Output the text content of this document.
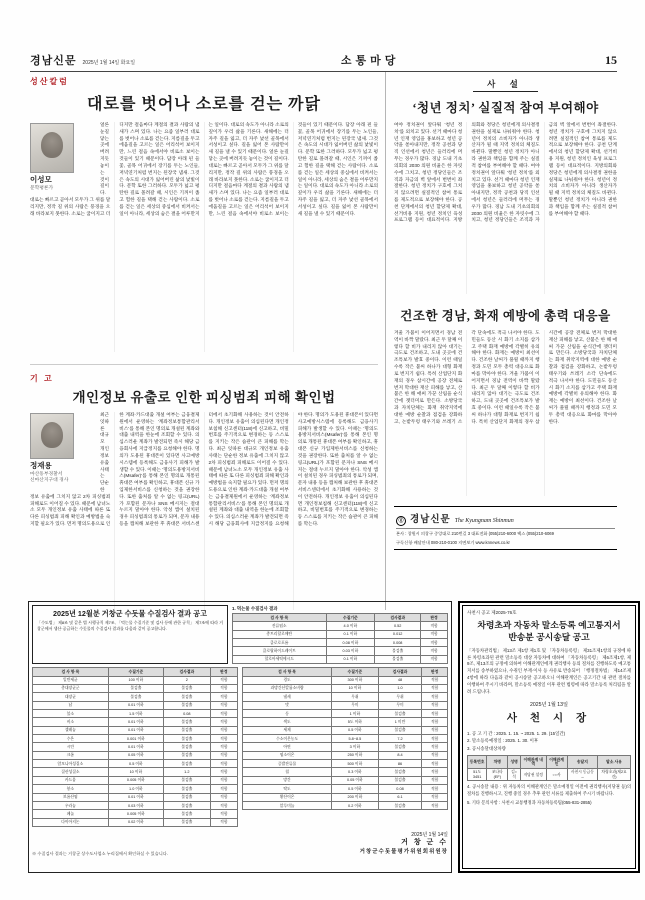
경남신문 2025년 1월 14일 화요일	소통마당	15
성산칼럼
대로를 벗어나 소로를 걷는 까닭
이성모
문학평론가
얼른 눈길 닿는 곳에 버려지듯 놓이는 것이 길이다. 대로는 빠르고 곧아서 모두가 그 위를 달리지만, 정작 길 위의 사람은 풍경을 오래 바라보지 못한다. 소로는 굽이지고 더디지만 걸음마다 계절의 결과 사람의 냄새가 스며 있다. 나는 요즘 일부러 대로를 벗어나 소로를 걷는다. 지름길을 두고 에움길을 고르는 일은 어리석어 보이지만, 느린 걸음 속에서야 비로소 보이는 것들이 있기 때문이다. 담장 아래 핀 들꽃, 골목 어귀에서 장기를 두는 노인들, 저녁연기처럼 번지는 된장국 냄새. 그것은 속도의 시대가 잃어버린 삶의 낯빛이다. 문학 또한 그러하다. 모두가 넓고 평탄한 길로 몰려갈 때, 시인은 기꺼이 좁고 험한 길을 택해 걷는 사람이다. 소로를 걷는 일은 세상의 중심에서 비켜서는 일이 아니라, 세상의 숨은 결을 어루만지는 일이다. 대로의 속도가 아니라 소로의 깊이가 우리 삶을 기른다. 새해에는 더 자주 길을 잃고, 더 자주 낯선 골목에서 서성이고 싶다. 길을 잃어 본 사람만이 새 길을 낼 수 있기 때문이다. 얼른 눈길 닿는 곳에 버려지듯 놓이는 것이 길이다. 대로는 빠르고 곧아서 모두가 그 위를 달리지만, 정작 길 위의 사람은 풍경을 오래 바라보지 못한다. 소로는 굽이지고 더디지만 걸음마다 계절의 결과 사람의 냄새가 스며 있다. 나는 요즘 일부러 대로를 벗어나 소로를 걷는다. 지름길을 두고 에움길을 고르는 일은 어리석어 보이지만, 느린 걸음 속에서야 비로소 보이는 것들이 있기 때문이다. 담장 아래 핀 들꽃, 골목 어귀에서 장기를 두는 노인들, 저녁연기처럼 번지는 된장국 냄새. 그것은 속도의 시대가 잃어버린 삶의 낯빛이다. 문학 또한 그러하다. 모두가 넓고 평탄한 길로 몰려갈 때, 시인은 기꺼이 좁고 험한 길을 택해 걷는 사람이다. 소로를 걷는 일은 세상의 중심에서 비켜서는 일이 아니라, 세상의 숨은 결을 어루만지는 일이다. 대로의 속도가 아니라 소로의 깊이가 우리 삶을 기른다. 새해에는 더 자주 길을 잃고, 더 자주 낯선 골목에서 서성이고 싶다. 길을 잃어 본 사람만이 새 길을 낼 수 있기 때문이다.
기 고
개인정보 유출로 인한 피싱범죄 피해 확인법
정재용
마산동부경찰서
신마산지구대 경사
최근 잇따른 대규모 개인정보 유출 사태는 단순한 정보 유출에 그치지 않고 2차 피싱범죄 피해로도 이어질 수 있다. 때문에 남녀노소 모두 개인정보 유출 사태에 따른 또 다른 피싱범죄 피해 확인과 예방법을 숙지할 필요가 있다. 먼저 명의도용으로 인한 계좌·카드대출 개설 여부는 금융결제원에서 운영하는 ‘계좌정보통합관리서비스’를 통해 본인 명의로 개설된 계좌와 대출 내역을 한눈에 조회할 수 있다. 의심스러운 계좌가 발견되면 즉시 해당 금융회사에 지급정지를 요청해야 한다. 명의가 도용된 휴대폰이 있다면 사고예방시스템에 등록해도 금융사기 피해가 발생할 수 있다. 이때는 ‘명의도용방지서비스(Msafer)’를 통해 본인 명의로 개통된 휴대폰 여부를 확인하고, 휴대폰 신규 가입제한서비스를 신청하는 것을 권장한다. 또한 출처를 알 수 없는 링크(URL)가 포함된 문자나 SNS 메시지는 절대 누르지 말아야 한다. 악성 앱이 설치된 경우 피싱범죄의 통로가 되며, 문자 내용 등을 캡처해 보관한 후 휴대폰 서비스센터에서 초기화해 사용하는 것이 안전하다. 개인정보 유출이 의심된다면 개인정보침해 신고센터(118)에 신고하고, 비밀번호를 주기적으로 변경하는 등 스스로를 지키는 작은 습관이 큰 피해를 막는다. 최근 잇따른 대규모 개인정보 유출 사태는 단순한 정보 유출에 그치지 않고 2차 피싱범죄 피해로도 이어질 수 있다. 때문에 남녀노소 모두 개인정보 유출 사태에 따른 또 다른 피싱범죄 피해 확인과 예방법을 숙지할 필요가 있다. 먼저 명의도용으로 인한 계좌·카드대출 개설 여부는 금융결제원에서 운영하는 ‘계좌정보통합관리서비스’를 통해 본인 명의로 개설된 계좌와 대출 내역을 한눈에 조회할 수 있다. 의심스러운 계좌가 발견되면 즉시 해당 금융회사에 지급정지를 요청해야 한다. 명의가 도용된 휴대폰이 있다면 사고예방시스템에 등록해도 금융사기 피해가 발생할 수 있다. 이때는 ‘명의도용방지서비스(Msafer)’를 통해 본인 명의로 개통된 휴대폰 여부를 확인하고, 휴대폰 신규 가입제한서비스를 신청하는 것을 권장한다. 또한 출처를 알 수 없는 링크(URL)가 포함된 문자나 SNS 메시지는 절대 누르지 말아야 한다. 악성 앱이 설치된 경우 피싱범죄의 통로가 되며, 문자 내용 등을 캡처해 보관한 후 휴대폰 서비스센터에서 초기화해 사용하는 것이 안전하다. 개인정보 유출이 의심된다면 개인정보침해 신고센터(118)에 신고하고, 비밀번호를 주기적으로 변경하는 등 스스로를 지키는 작은 습관이 큰 피해를 막는다.
사 설
‘청년 정치’ 실질적 참여 부여해야
여야 정치권이 앞다퉈 ‘청년 정치’를 외치고 있다. 선거 때마다 청년 인재 영입을 홍보하고 청년 공약을 쏟아내지만, 정작 공천과 당직 인선에서 청년은 들러리에 머무는 경우가 많다. 경남 도내 기초의회의 2030 의원 비율은 한 자릿수에 그치고, 청년 정당인들은 조직과 자금의 벽 앞에서 번번이 좌절한다. 청년 정치가 구호에 그치지 않으려면 실질적인 참여 통로를 제도적으로 보장해야 한다. 공천 단계에서의 청년 할당제 확대, 선거비용 지원, 청년 정치인 육성 프로그램 등이 대표적이다. 지방의회와 정당은 청년에게 의사결정 권한을 실제로 나눠줘야 한다. 청년이 정치의 소비자가 아니라 생산자가 될 때 지역 정치의 체질도 바뀐다. 말뿐인 청년 정치가 아니라 권한과 책임을 함께 주는 실질적 참여를 부여해야 할 때다. 여야 정치권이 앞다퉈 ‘청년 정치’를 외치고 있다. 선거 때마다 청년 인재 영입을 홍보하고 청년 공약을 쏟아내지만, 정작 공천과 당직 인선에서 청년은 들러리에 머무는 경우가 많다. 경남 도내 기초의회의 2030 의원 비율은 한 자릿수에 그치고, 청년 정당인들은 조직과 자금의 벽 앞에서 번번이 좌절한다. 청년 정치가 구호에 그치지 않으려면 실질적인 참여 통로를 제도적으로 보장해야 한다. 공천 단계에서의 청년 할당제 확대, 선거비용 지원, 청년 정치인 육성 프로그램 등이 대표적이다. 지방의회와 정당은 청년에게 의사결정 권한을 실제로 나눠줘야 한다. 청년이 정치의 소비자가 아니라 생산자가 될 때 지역 정치의 체질도 바뀐다. 말뿐인 청년 정치가 아니라 권한과 책임을 함께 주는 실질적 참여를 부여해야 할 때다.
건조한 경남, 화재 예방에 총력 대응을
겨울 가뭄이 이어지면서 경남 전역이 바짝 말랐다. 최근 두 달째 이렇다 할 비가 내리지 않아 대기는 극도로 건조하고, 도내 곳곳에 건조특보가 발효 중이다. 이런 때일수록 작은 불씨 하나가 대형 화재로 번지기 쉽다. 특히 산업단지 화재의 경우 삽시간에 공장 전체로 번져 막대한 재산 피해를 낳고, 산불은 한 해 애써 가꾼 산림을 순식간에 잿더미로 만든다. 소방당국과 자치단체는 화재 취약지역에 대한 예방 순찰과 점검을 강화하고, 논밭두렁 태우기와 쓰레기 소각 단속에도 적극 나서야 한다. 도민들도 등산 시 화기 소지를 삼가고 주택 화재 예방에 각별히 유의해야 한다. 화재는 예방이 최선이다. 건조한 날씨가 풀릴 때까지 행정과 도민 모두 총력 대응으로 화마를 막아야 한다. 겨울 가뭄이 이어지면서 경남 전역이 바짝 말랐다. 최근 두 달째 이렇다 할 비가 내리지 않아 대기는 극도로 건조하고, 도내 곳곳에 건조특보가 발효 중이다. 이런 때일수록 작은 불씨 하나가 대형 화재로 번지기 쉽다. 특히 산업단지 화재의 경우 삽시간에 공장 전체로 번져 막대한 재산 피해를 낳고, 산불은 한 해 애써 가꾼 산림을 순식간에 잿더미로 만든다. 소방당국과 자치단체는 화재 취약지역에 대한 예방 순찰과 점검을 강화하고, 논밭두렁 태우기와 쓰레기 소각 단속에도 적극 나서야 한다. 도민들도 등산 시 화기 소지를 삼가고 주택 화재 예방에 각별히 유의해야 한다. 화재는 예방이 최선이다. 건조한 날씨가 풀릴 때까지 행정과 도민 모두 총력 대응으로 화마를 막아야 한다.
ⓖ 경남신문 The Kyungnam Shinmun
본사 : 창원시 의창구 중앙대로 210번길 3 대표전화 (055)210-6000 팩스 (055)210-6069
구독신청·배달안내 080-210-0100 지면보기 www.knnews.co.kr
2025년 12월분 거창군 수돗물 수질검사 결과 공고
「수도법」 제8조 및 같은 법 시행규칙 제7조, 「먹는물 수질기준 및 검사 등에 관한 규칙」 제7조에 따라 거창군에서 생산·공급하는 수돗물의 수질검사 결과를 다음과 같이 공고합니다.
1. 먹는물 수질검사 결과
검 사 항 목	수질기준	검사결과	판정
잔류염소	4.0 이하	0.52	적합
총트리할로메탄	0.1 이하	0.012	적합
클로로포름	0.08 이하	0.008	적합
클로랄하이드레이트	0.03 이하	불검출	적합
할로아세틱에시드	0.1 이하	불검출	적합
검 사 항 목	수질기준	검사결과	판정
일반세균	100 이하	2	적합
총대장균군	불검출	불검출	적합
대장균	불검출	불검출	적합
납	0.01 이하	불검출	적합
불소	1.5 이하	0.08	적합
비소	0.01 이하	불검출	적합
셀레늄	0.01 이하	불검출	적합
수은	0.001 이하	불검출	적합
시안	0.01 이하	불검출	적합
크롬	0.05 이하	불검출	적합
암모니아성질소	0.5 이하	불검출	적합
질산성질소	10 이하	1.2	적합
카드뮴	0.005 이하	불검출	적합
붕소	1.0 이하	불검출	적합
브롬산염	0.01 이하	불검출	적합
우라늄	0.03 이하	불검출	적합
페놀	0.005 이하	불검출	적합
다이아지논	0.02 이하	불검출	적합
검 사 항 목	수질기준	검사결과	판정
경도	300 이하	48	적합
과망간산칼륨소비량	10 이하	1.0	적합
냄새	무취	무취	적합
맛	무미	무미	적합
동	1 이하	불검출	적합
색도	5도 이하	1 미만	적합
세제	0.5 이하	불검출	적합
수소이온농도	5.8~8.5	7.2	적합
아연	3 이하	불검출	적합
염소이온	250 이하	8.4	적합
증발잔류물	500 이하	86	적합
철	0.3 이하	불검출	적합
망간	0.05 이하	불검출	적합
탁도	0.5 이하	0.08	적합
황산이온	200 이하	6.1	적합
알루미늄	0.2 이하	불검출	적합
※ 수질검사 결과는 거창군 상수도사업소 누리집에서 확인하실 수 있습니다.
2025년 1월 14일
거 창 군 수
거창군수돗물평가위원회위원장
사천시 공고 제2025-76호
차령초과 자동차 말소등록 예고통지서
반송분 공시송달 공고
「자동차관리법」 제13조 제1항 제1호 및 「자동차등록령」 제31조제1항의 규정에 따른 차령초과된 관련 말소등록 대상 자동차에 대하여 「자동차등록령」 제6조제1항, 제9조, 제13조의 규정에 의하여 이해관계인에게 권리행사 등의 절차를 진행하도록 예고통지서를 송부하였으나, 수취인 부재·이사 등 사유로 반송되어 「행정절차법」 제14조제4항에 따라 다음과 같이 공시송달 공고하오니 이해관계인은 공고기간 내 관련 절차를 이행하여 주시기 바라며, 말소등록 예정일 이후 관련 법령에 따라 말소등록 처리됨을 알려 드립니다.
2025년 1월 13일
사 천 시 장
1. 공 고 기 간 : 2025. 1. 15. ~ 2025. 1. 29. (15일간)
2. 말소등록예정일 : 2025. 1. 30. 이후
3. 공시송달대상차량
등록번호	차명	성명	이해관계 내역	이해관계인	송달지	말소 사유
51도3451	쏘나타(EF)	김○석	저당권 설정	○○사	사천시 동금동 →	차령초과(제2요건)
4. 공시송달 내용 : 위 자동차의 이해관계인은 말소예정일 이전에 권리행사(저당권 등)의 절차를 진행하시고, 진행 중일 경우 추후 관련 서류를 제출하여 주시기 바랍니다.
5. 기타 문의사항 : 사천시 교통행정과 자동차등록팀(055-831-2855)
